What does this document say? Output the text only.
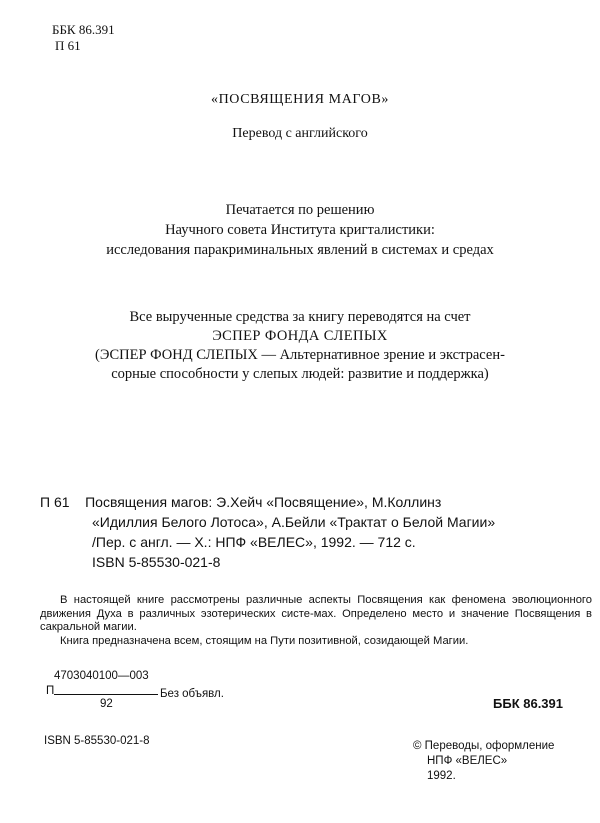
ББК 86.391
П 61
«ПОСВЯЩЕНИЯ МАГОВ»
Перевод с английского
Печатается по решению
Научного совета Института кригталистики:
исследования паракриминальных явлений в системах и средах
Все вырученные средства за книгу переводятся на счет
ЭСПЕР ФОНДА СЛЕПЫХ
(ЭСПЕР ФОНД СЛЕПЫХ — Альтернативное зрение и экстрасен-
сорные способности у слепых людей: развитие и поддержка)
П 61 Посвящения магов: Э.Хейч «Посвящение», М.Коллинз
«Идиллия Белого Лотоса», А.Бейли «Трактат о Белой Магии»
/Пер. с англ. — Х.: НПФ «ВЕЛЕС», 1992. — 712 с.
ISBN 5-85530-021-8

В настоящей книге рассмотрены различные аспекты Посвящения как феномена эволюционного движения Духа в различных эзотерических систе-мах. Определено место и значение Посвящения в сакральной магии.

Книга предназначена всем, стоящим на Пути позитивной, созидающей Магии.

П
4703040100—003
92
Без объявл.
ББК 86.391
ISBN 5-85530-021-8	© Переводы, оформление
НПФ «ВЕЛЕС»
1992.
